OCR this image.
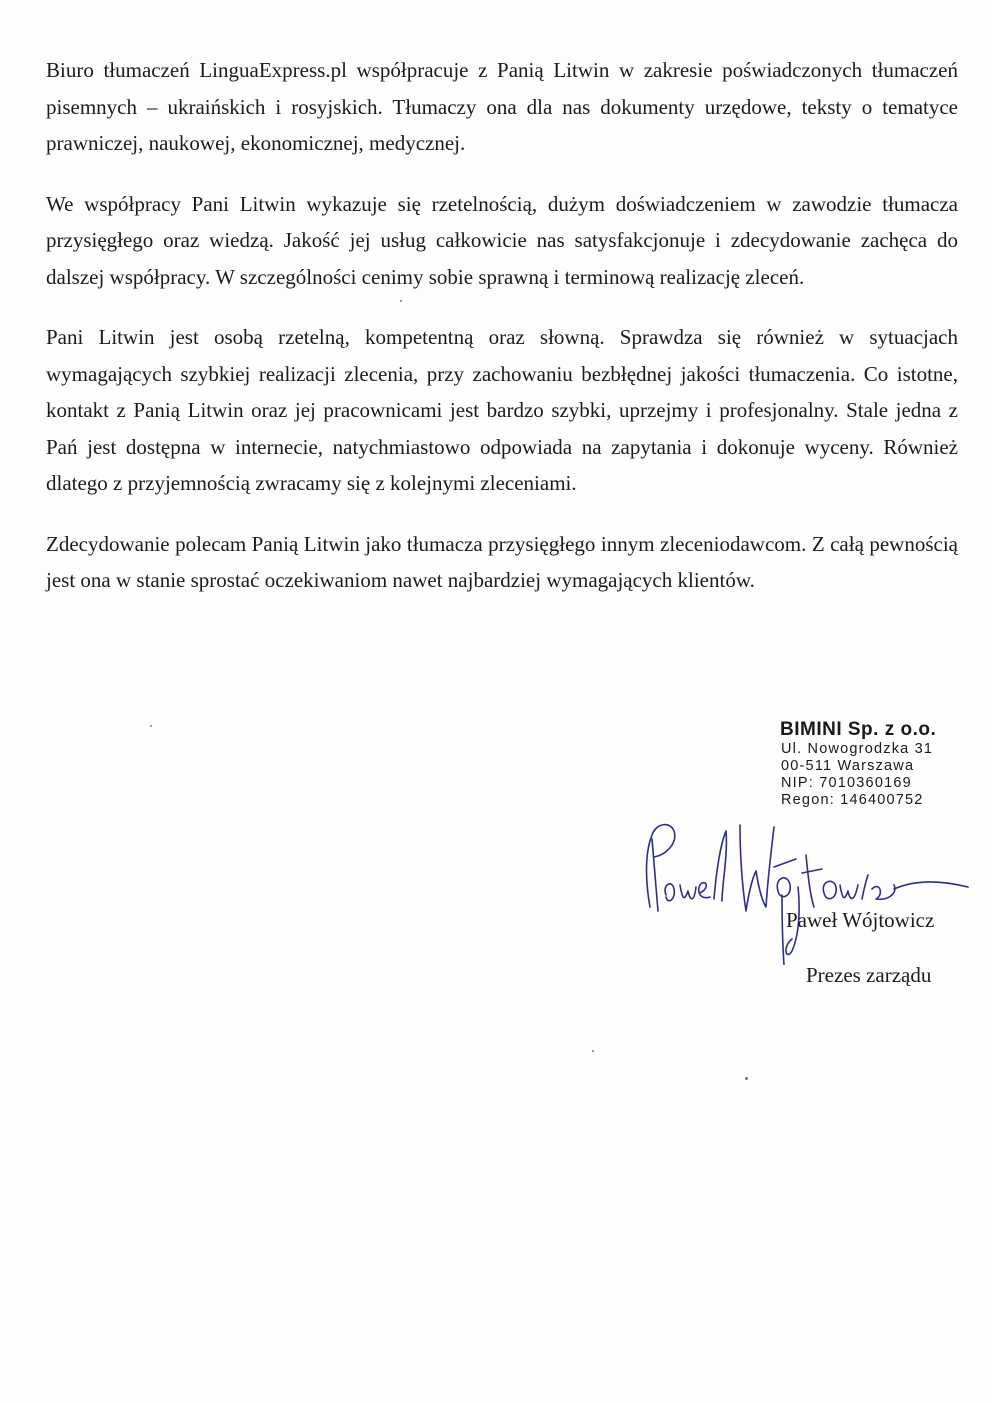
Biuro tłumaczeń LinguaExpress.pl współpracuje z Panią Litwin w zakresie poświadczonych tłumaczeń pisemnych – ukraińskich i rosyjskich. Tłumaczy ona dla nas dokumenty urzędowe, teksty o tematyce prawniczej, naukowej, ekonomicznej, medycznej.

We współpracy Pani Litwin wykazuje się rzetelnością, dużym doświadczeniem w zawodzie tłumacza przysięgłego oraz wiedzą. Jakość jej usług całkowicie nas satysfakcjonuje i zdecydowanie zachęca do dalszej współpracy. W szczególności cenimy sobie sprawną i terminową realizację zleceń.

Pani Litwin jest osobą rzetelną, kompetentną oraz słowną. Sprawdza się również w sytuacjach wymagających szybkiej realizacji zlecenia, przy zachowaniu bezbłędnej jakości tłumaczenia. Co istotne, kontakt z Panią Litwin oraz jej pracownicami jest bardzo szybki, uprzejmy i profesjonalny. Stale jedna z Pań jest dostępna w internecie, natychmiastowo odpowiada na zapytania i dokonuje wyceny. Również dlatego z przyjemnością zwracamy się z kolejnymi zleceniami.

Zdecydowanie polecam Panią Litwin jako tłumacza przysięgłego innym zleceniodawcom. Z całą pewnością jest ona w stanie sprostać oczekiwaniom nawet najbardziej wymagających klientów.

BIMINI Sp. z o.o.
Ul. Nowogrodzka 31
00-511 Warszawa
NIP: 7010360169
Regon: 146400752
Paweł Wójtowicz
Prezes zarządu
